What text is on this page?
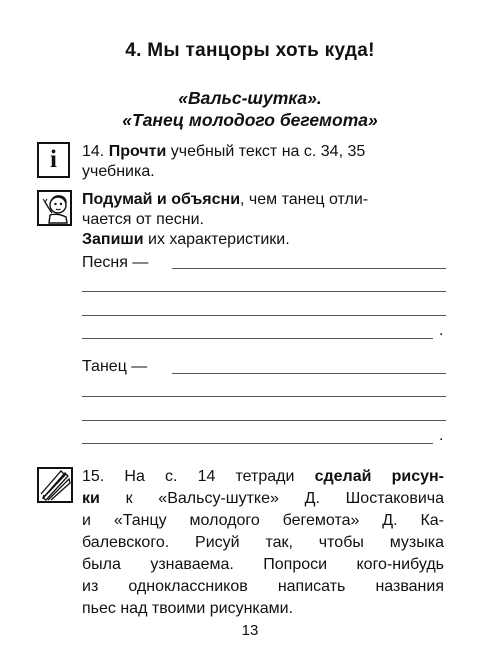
4. Мы танцоры хоть куда!
«Вальс-шутка».
«Танец молодого бегемота»
i	14. Прочти учебный текст на с. 34, 35
учебника.
Подумай и объясни, чем танец отли-
чается от песни.
Запиши их характеристики.
Песня —
.
Танец —
.
15. На с. 14 тетради сделай рисун-
ки к «Вальсу-шутке» Д. Шостаковича
и «Танцу молодого бегемота» Д. Ка-
балевского. Рисуй так, чтобы музыка
была узнаваема. Попроси кого-нибудь
из одноклассников написать названия
пьес над твоими рисунками.
13
